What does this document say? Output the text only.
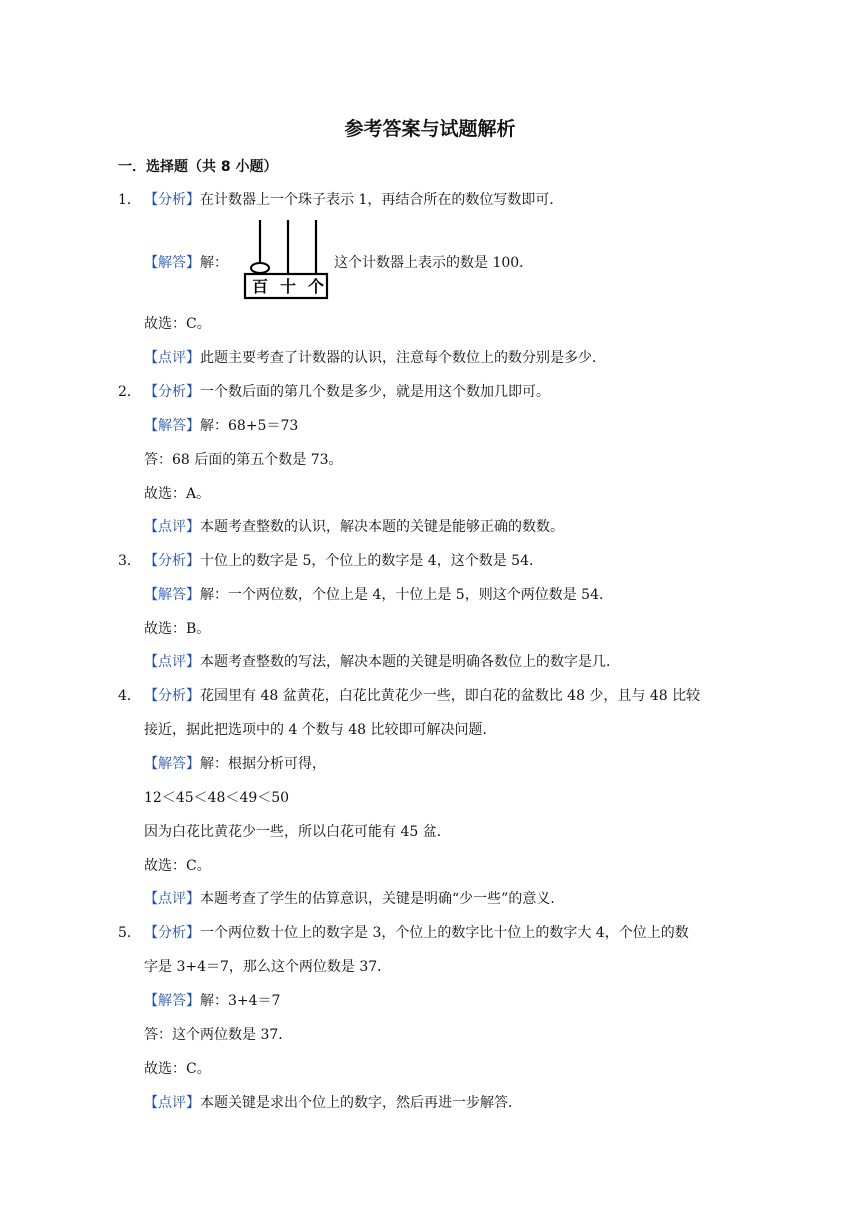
参考答案与试题解析
一．选择题（共 8 小题）
1． 【分析】在计数器上一个珠子表示 1，再结合所在的数位写数即可．
【解答】解：
百 十 个
这个计数器上表示的数是 100．
故选：C。
【点评】此题主要考查了计数器的认识，注意每个数位上的数分别是多少．
2． 【分析】一个数后面的第几个数是多少，就是用这个数加几即可。
【解答】解：68+5＝73
答：68 后面的第五个数是 73。
故选：A。
【点评】本题考查整数的认识，解决本题的关键是能够正确的数数。
3． 【分析】十位上的数字是 5，个位上的数字是 4，这个数是 54．
【解答】解：一个两位数，个位上是 4，十位上是 5，则这个两位数是 54．
故选：B。
【点评】本题考查整数的写法，解决本题的关键是明确各数位上的数字是几．
4． 【分析】花园里有 48 盆黄花，白花比黄花少一些，即白花的盆数比 48 少，且与 48 比较
接近，据此把选项中的 4 个数与 48 比较即可解决问题．
【解答】解：根据分析可得，
12＜45＜48＜49＜50
因为白花比黄花少一些，所以白花可能有 45 盆．
故选：C。
【点评】本题考查了学生的估算意识，关键是明确“少一些”的意义．
5． 【分析】一个两位数十位上的数字是 3，个位上的数字比十位上的数字大 4，个位上的数
字是 3+4＝7，那么这个两位数是 37．
【解答】解：3+4＝7
答：这个两位数是 37．
故选：C。
【点评】本题关键是求出个位上的数字，然后再进一步解答．
